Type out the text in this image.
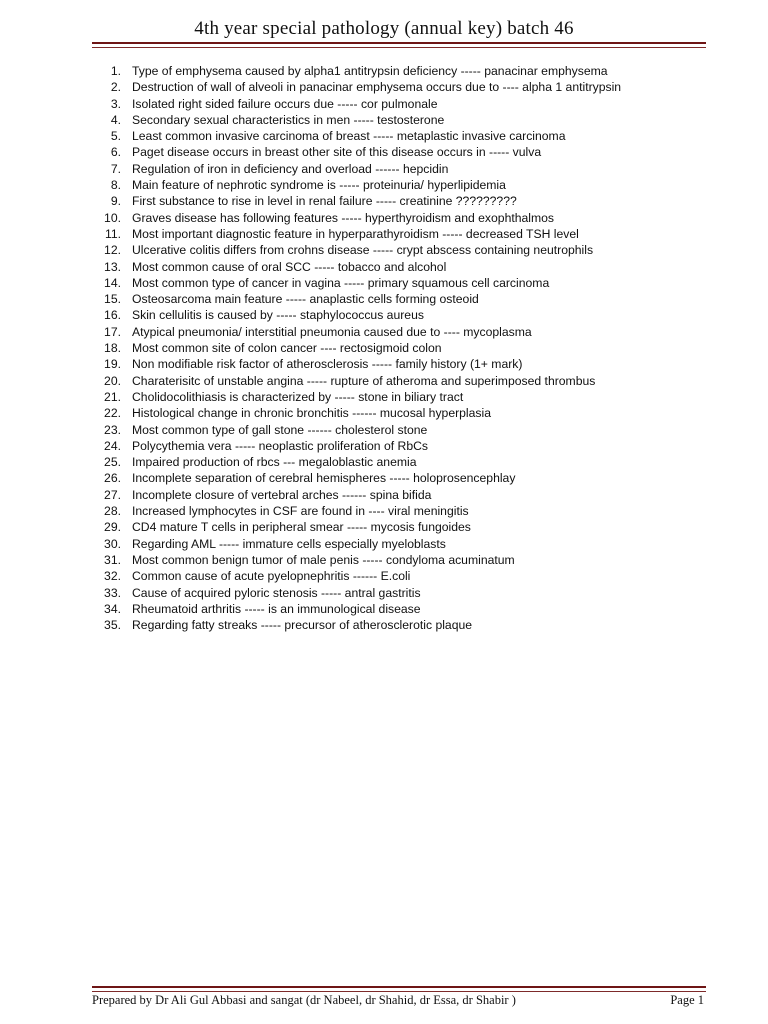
4th year special pathology (annual key) batch 46
1. Type of emphysema caused by alpha1 antitrypsin deficiency ----- panacinar emphysema
2. Destruction of wall of alveoli in panacinar emphysema occurs due to ---- alpha 1 antitrypsin
3. Isolated right sided failure occurs due ----- cor pulmonale
4. Secondary sexual characteristics in men ----- testosterone
5. Least common invasive carcinoma of breast ----- metaplastic invasive carcinoma
6. Paget disease occurs in breast other site of this disease occurs in ----- vulva
7. Regulation of iron in deficiency and overload ------ hepcidin
8. Main feature of nephrotic syndrome is ----- proteinuria/ hyperlipidemia
9. First substance to rise in level in renal failure ----- creatinine ?????????
10. Graves disease has following features ----- hyperthyroidism and exophthalmos
11. Most important diagnostic feature in hyperparathyroidism ----- decreased TSH level
12. Ulcerative colitis differs from crohns disease ----- crypt abscess containing neutrophils
13. Most common cause of oral SCC ----- tobacco and alcohol
14. Most common type of cancer in vagina ----- primary squamous cell carcinoma
15. Osteosarcoma main feature ----- anaplastic cells forming osteoid
16. Skin cellulitis is caused by ----- staphylococcus aureus
17. Atypical pneumonia/ interstitial pneumonia caused due to ---- mycoplasma
18. Most common site of colon cancer ---- rectosigmoid colon
19. Non modifiable risk factor of atherosclerosis ----- family history (1+ mark)
20. Charaterisitc of unstable angina ----- rupture of atheroma and superimposed thrombus
21. Cholidocolithiasis is characterized by ----- stone in biliary tract
22. Histological change in chronic bronchitis ------ mucosal hyperplasia
23. Most common type of gall stone ------ cholesterol stone
24. Polycythemia vera ----- neoplastic proliferation of RbCs
25. Impaired production of rbcs --- megaloblastic anemia
26. Incomplete separation of cerebral hemispheres ----- holoprosencephlay
27. Incomplete closure of vertebral arches ------ spina bifida
28. Increased lymphocytes in CSF are found in ---- viral meningitis
29. CD4 mature T cells in peripheral smear ----- mycosis fungoides
30. Regarding AML ----- immature cells especially myeloblasts
31. Most common benign tumor of male penis ----- condyloma acuminatum
32. Common cause of acute pyelopnephritis ------ E.coli
33. Cause of acquired pyloric stenosis ----- antral gastritis
34. Rheumatoid arthritis ----- is an immunological disease
35. Regarding fatty streaks ----- precursor of atherosclerotic plaque
Prepared by Dr Ali Gul Abbasi and sangat (dr Nabeel, dr Shahid, dr Essa, dr Shabir )	Page 1
